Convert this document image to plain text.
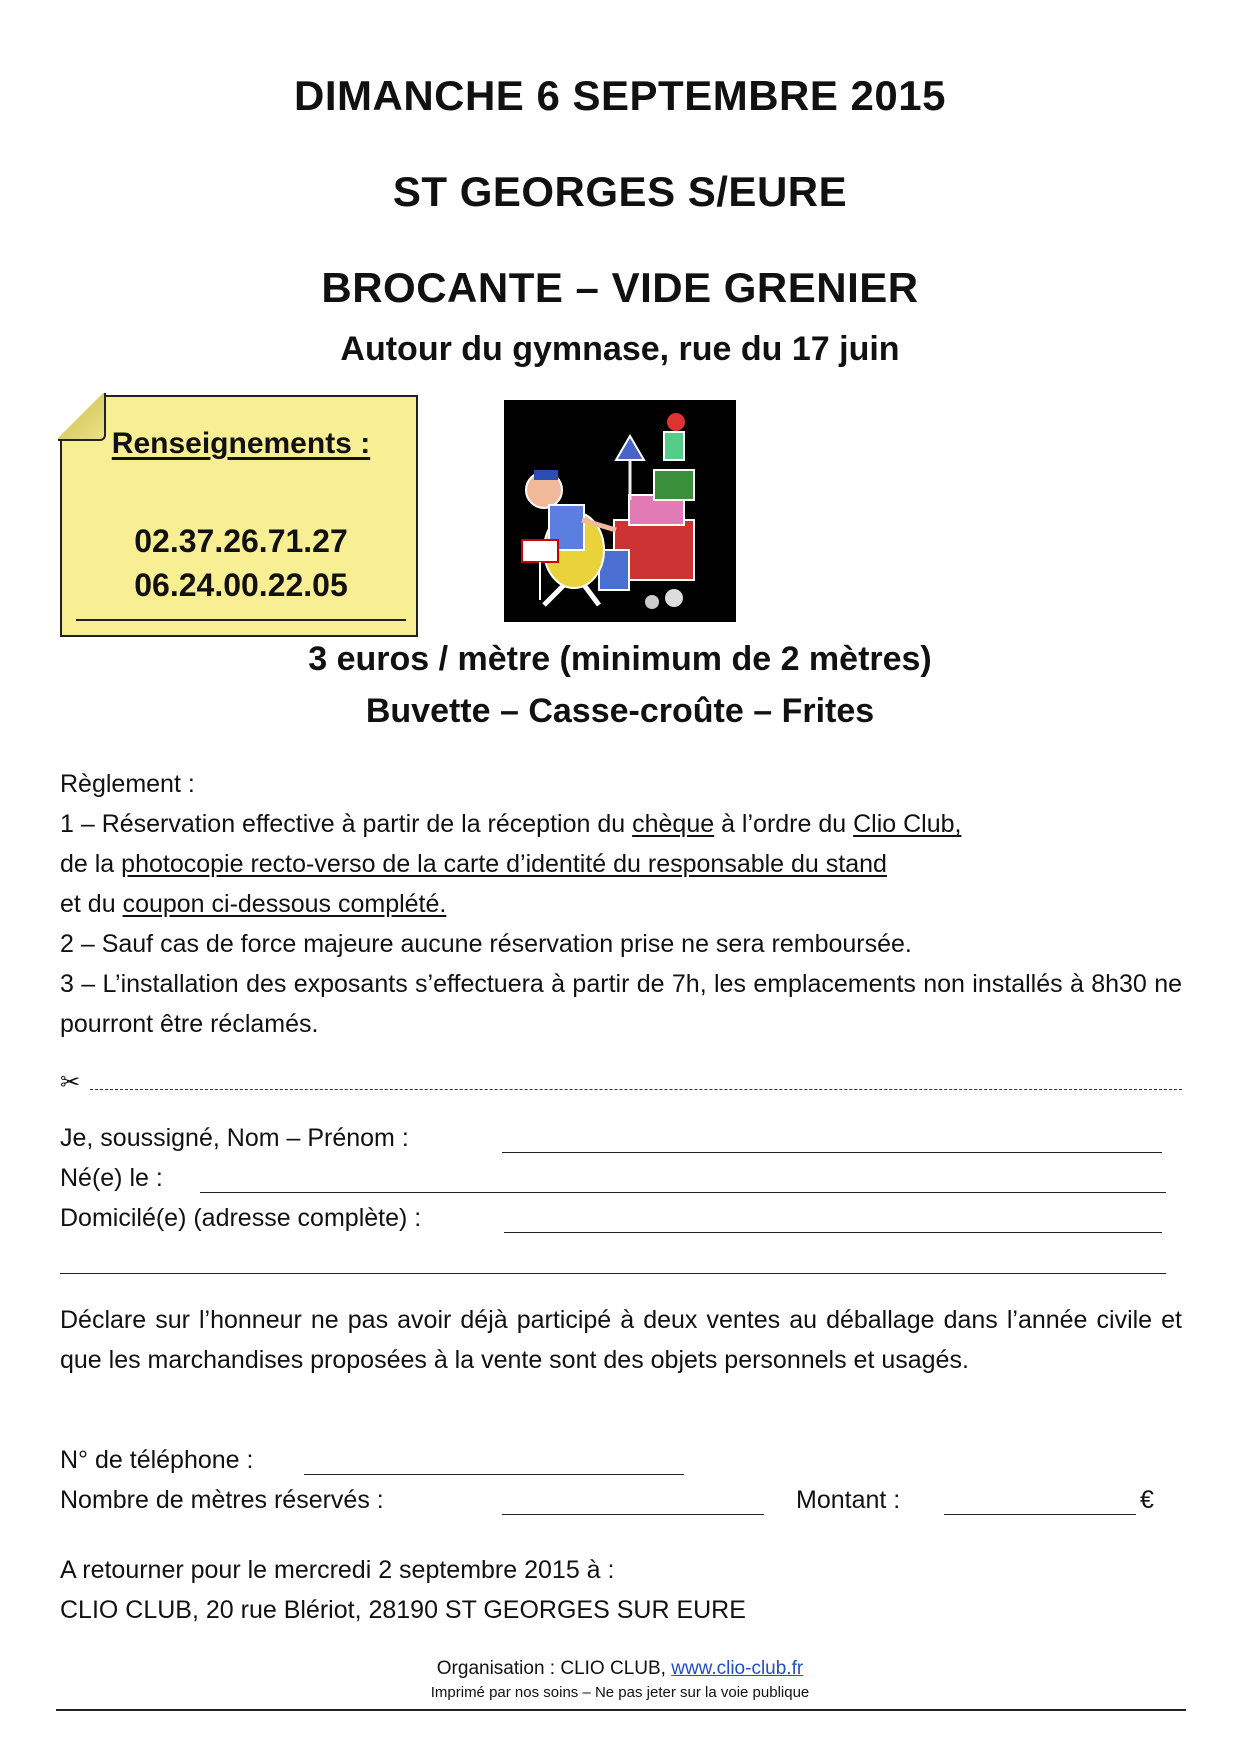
DIMANCHE 6 SEPTEMBRE 2015
ST GEORGES S/EURE
BROCANTE – VIDE GRENIER
Autour du gymnase, rue du 17 juin
Renseignements :
02.37.26.71.27
06.24.00.22.05
3 euros / mètre (minimum de 2 mètres)
Buvette – Casse-croûte – Frites
Règlement :
1 – Réservation effective à partir de la réception du chèque à l’ordre du Clio Club,
de la photocopie recto-verso de la carte d’identité du responsable du stand
et du coupon ci-dessous complété.
2 – Sauf cas de force majeure aucune réservation prise ne sera remboursée.
3 – L’installation des exposants s’effectuera à partir de 7h, les emplacements non installés à 8h30 ne pourront être réclamés.
✂
Je, soussigné, Nom – Prénom :
Né(e) le :
Domicilé(e) (adresse complète) :
Déclare sur l’honneur ne pas avoir déjà participé à deux ventes au déballage dans l’année civile et que les marchandises proposées à la vente sont des objets personnels et usagés.
N° de téléphone :
Nombre de mètres réservés :	Montant :	€
A retourner pour le mercredi 2 septembre 2015 à :
CLIO CLUB, 20 rue Blériot, 28190 ST GEORGES SUR EURE
Organisation : CLIO CLUB, www.clio-club.fr
Imprimé par nos soins – Ne pas jeter sur la voie publique
